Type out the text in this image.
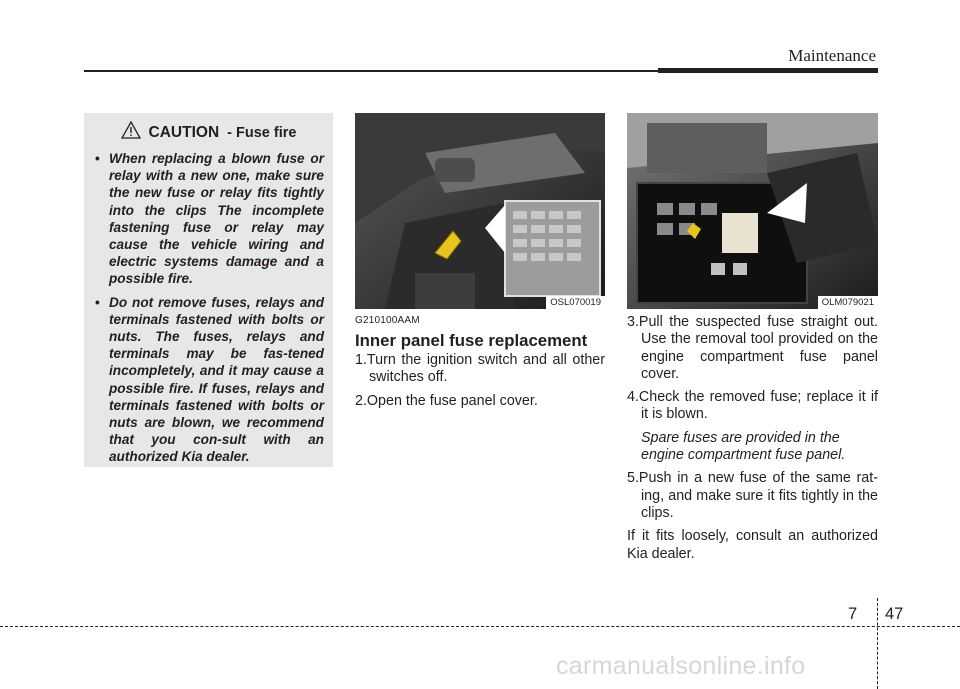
Maintenance
CAUTION - Fuse fire
• When replacing a blown fuse or relay with a new one, make sure the new fuse or relay fits tightly into the clips The incomplete fastening fuse or relay may cause the vehicle wiring and electric systems damage and a possible fire.
• Do not remove fuses, relays and terminals fastened with bolts or nuts. The fuses, relays and terminals may be fas-tened incompletely, and it may cause a possible fire. If fuses, relays and terminals fastened with bolts or nuts are blown, we recommend that you con-sult with an authorized Kia dealer.
OSL070019	OLM079021
G210100AAM
Inner panel fuse replacement
1.Turn the ignition switch and all other switches off.
2.Open the fuse panel cover.
3.Pull the suspected fuse straight out. Use the removal tool provided on the engine compartment fuse panel cover.
4.Check the removed fuse; replace it if it is blown.
Spare fuses are provided in the engine compartment fuse panel.
5.Push in a new fuse of the same rat-ing, and make sure it fits tightly in the clips.
If it fits loosely, consult an authorized Kia dealer.
7 47
carmanualsonline.info
